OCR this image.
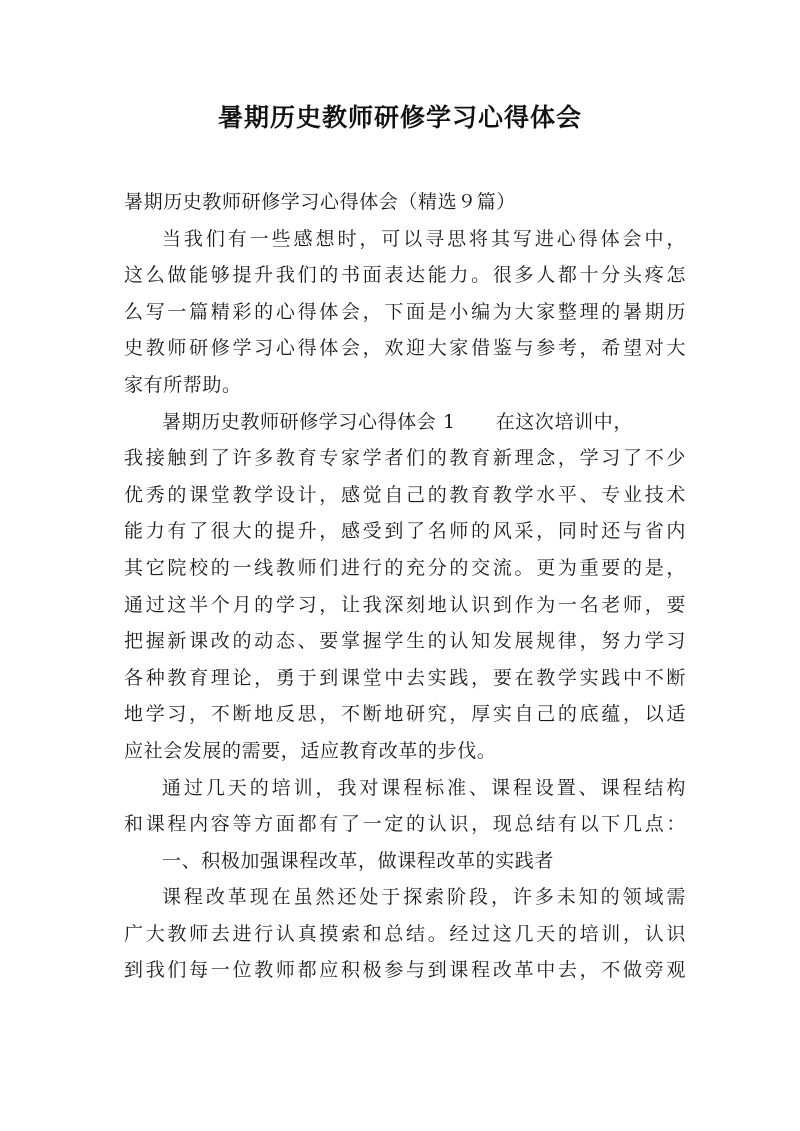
暑期历史教师研修学习心得体会
暑期历史教师研修学习心得体会（精选９篇）
当我们有一些感想时，可以寻思将其写进心得体会中，
这么做能够提升我们的书面表达能力。很多人都十分头疼怎
么写一篇精彩的心得体会，下面是小编为大家整理的暑期历
史教师研修学习心得体会，欢迎大家借鉴与参考，希望对大
家有所帮助。
暑期历史教师研修学习心得体会 1 在这次培训中，
我接触到了许多教育专家学者们的教育新理念，学习了不少
优秀的课堂教学设计，感觉自己的教育教学水平、专业技术
能力有了很大的提升，感受到了名师的风采，同时还与省内
其它院校的一线教师们进行的充分的交流。更为重要的是，
通过这半个月的学习，让我深刻地认识到作为一名老师，要
把握新课改的动态、要掌握学生的认知发展规律，努力学习
各种教育理论，勇于到课堂中去实践，要在教学实践中不断
地学习，不断地反思，不断地研究，厚实自己的底蕴，以适
应社会发展的需要，适应教育改革的步伐。
通过几天的培训，我对课程标准、课程设置、课程结构
和课程内容等方面都有了一定的认识，现总结有以下几点：
一、积极加强课程改革，做课程改革的实践者
课程改革现在虽然还处于探索阶段，许多未知的领域需
广大教师去进行认真摸索和总结。经过这几天的培训，认识
到我们每一位教师都应积极参与到课程改革中去，不做旁观
